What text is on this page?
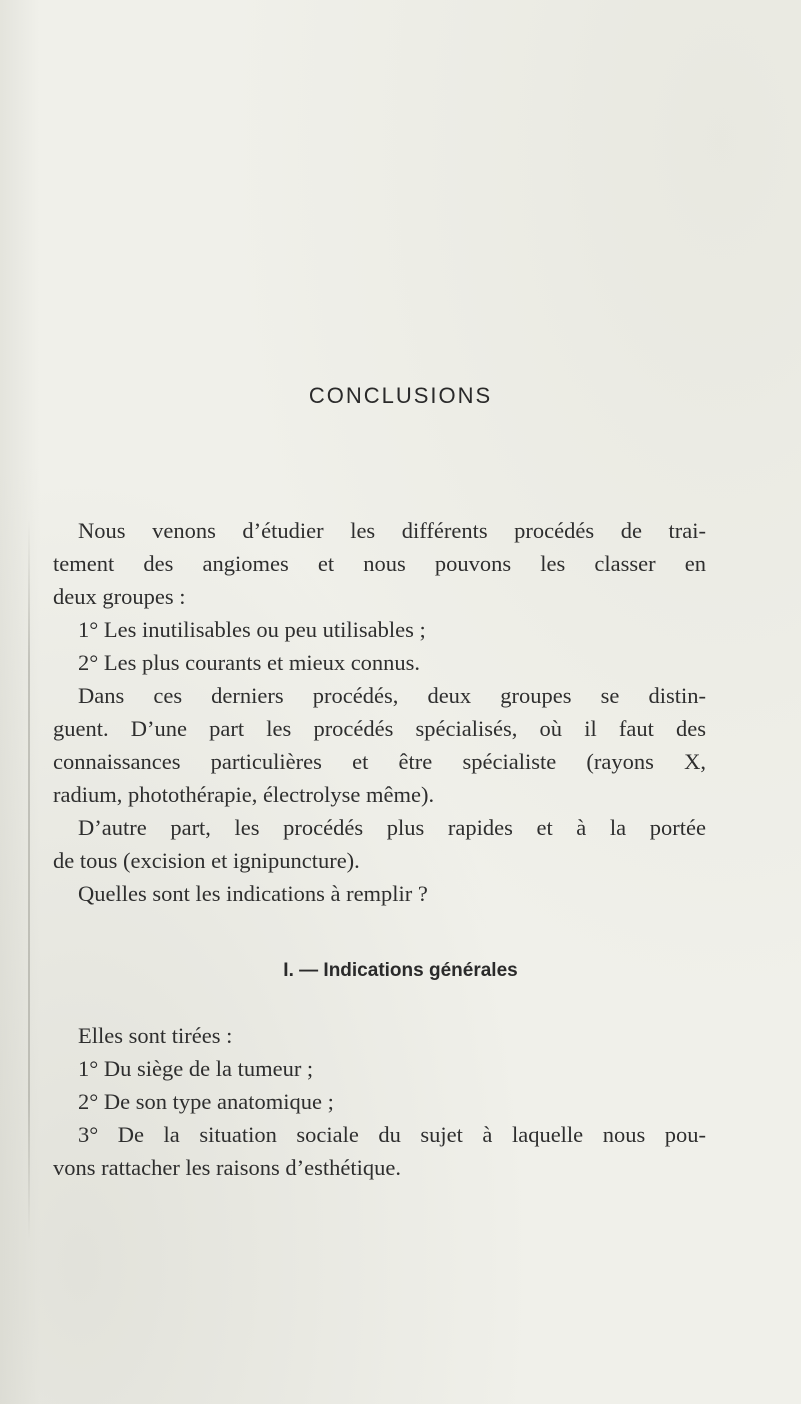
CONCLUSIONS
Nous venons d’étudier les différents procédés de trai-
tement des angiomes et nous pouvons les classer en
deux groupes :
1° Les inutilisables ou peu utilisables ;
2° Les plus courants et mieux connus.
Dans ces derniers procédés, deux groupes se distin-
guent. D’une part les procédés spécialisés, où il faut des
connaissances particulières et être spécialiste (rayons X,
radium, photothérapie, électrolyse même).
D’autre part, les procédés plus rapides et à la portée
de tous (excision et ignipuncture).
Quelles sont les indications à remplir ?
I. — Indications générales
Elles sont tirées :
1° Du siège de la tumeur ;
2° De son type anatomique ;
3° De la situation sociale du sujet à laquelle nous pou-
vons rattacher les raisons d’esthétique.
